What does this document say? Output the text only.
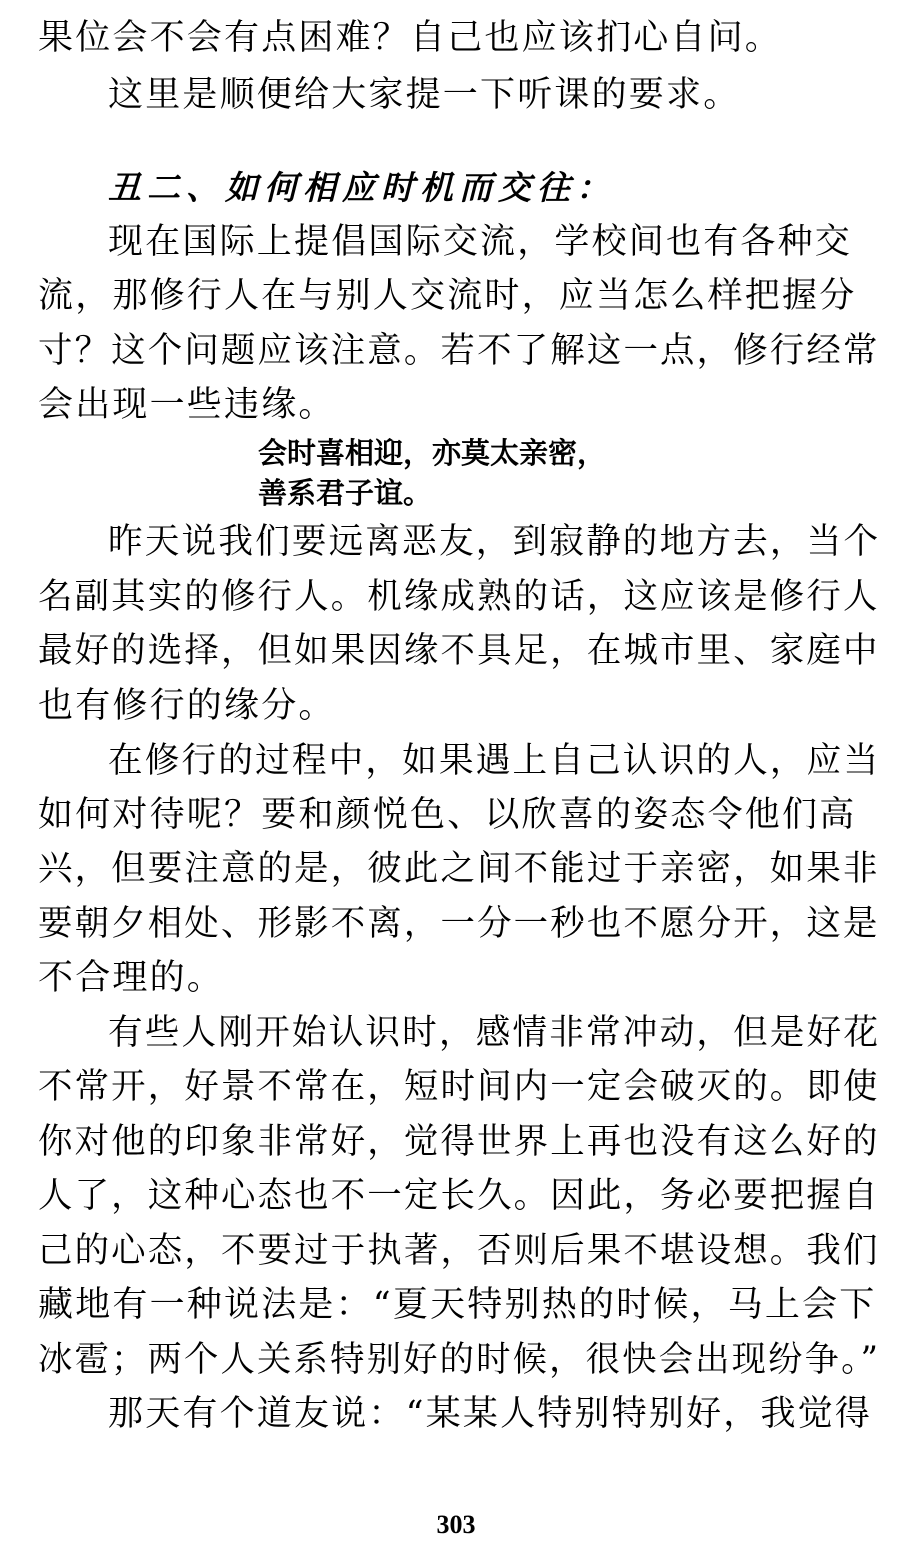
果位会不会有点困难？自己也应该扪心自问。
这里是顺便给大家提一下听课的要求。
丑二、如何相应时机而交往：
现在国际上提倡国际交流，学校间也有各种交
流，那修行人在与别人交流时，应当怎么样把握分
寸？这个问题应该注意。若不了解这一点，修行经常
会出现一些违缘。
会时喜相迎，亦莫太亲密，
善系君子谊。
昨天说我们要远离恶友，到寂静的地方去，当个
名副其实的修行人。机缘成熟的话，这应该是修行人
最好的选择，但如果因缘不具足，在城市里、家庭中
也有修行的缘分。
在修行的过程中，如果遇上自己认识的人，应当
如何对待呢？要和颜悦色、以欣喜的姿态令他们高
兴，但要注意的是，彼此之间不能过于亲密，如果非
要朝夕相处、形影不离，一分一秒也不愿分开，这是
不合理的。
有些人刚开始认识时，感情非常冲动，但是好花
不常开，好景不常在，短时间内一定会破灭的。即使
你对他的印象非常好，觉得世界上再也没有这么好的
人了，这种心态也不一定长久。因此，务必要把握自
己的心态，不要过于执著，否则后果不堪设想。我们
藏地有一种说法是：“夏天特别热的时候，马上会下
冰雹；两个人关系特别好的时候，很快会出现纷争。”
那天有个道友说：“某某人特别特别好，我觉得
303
